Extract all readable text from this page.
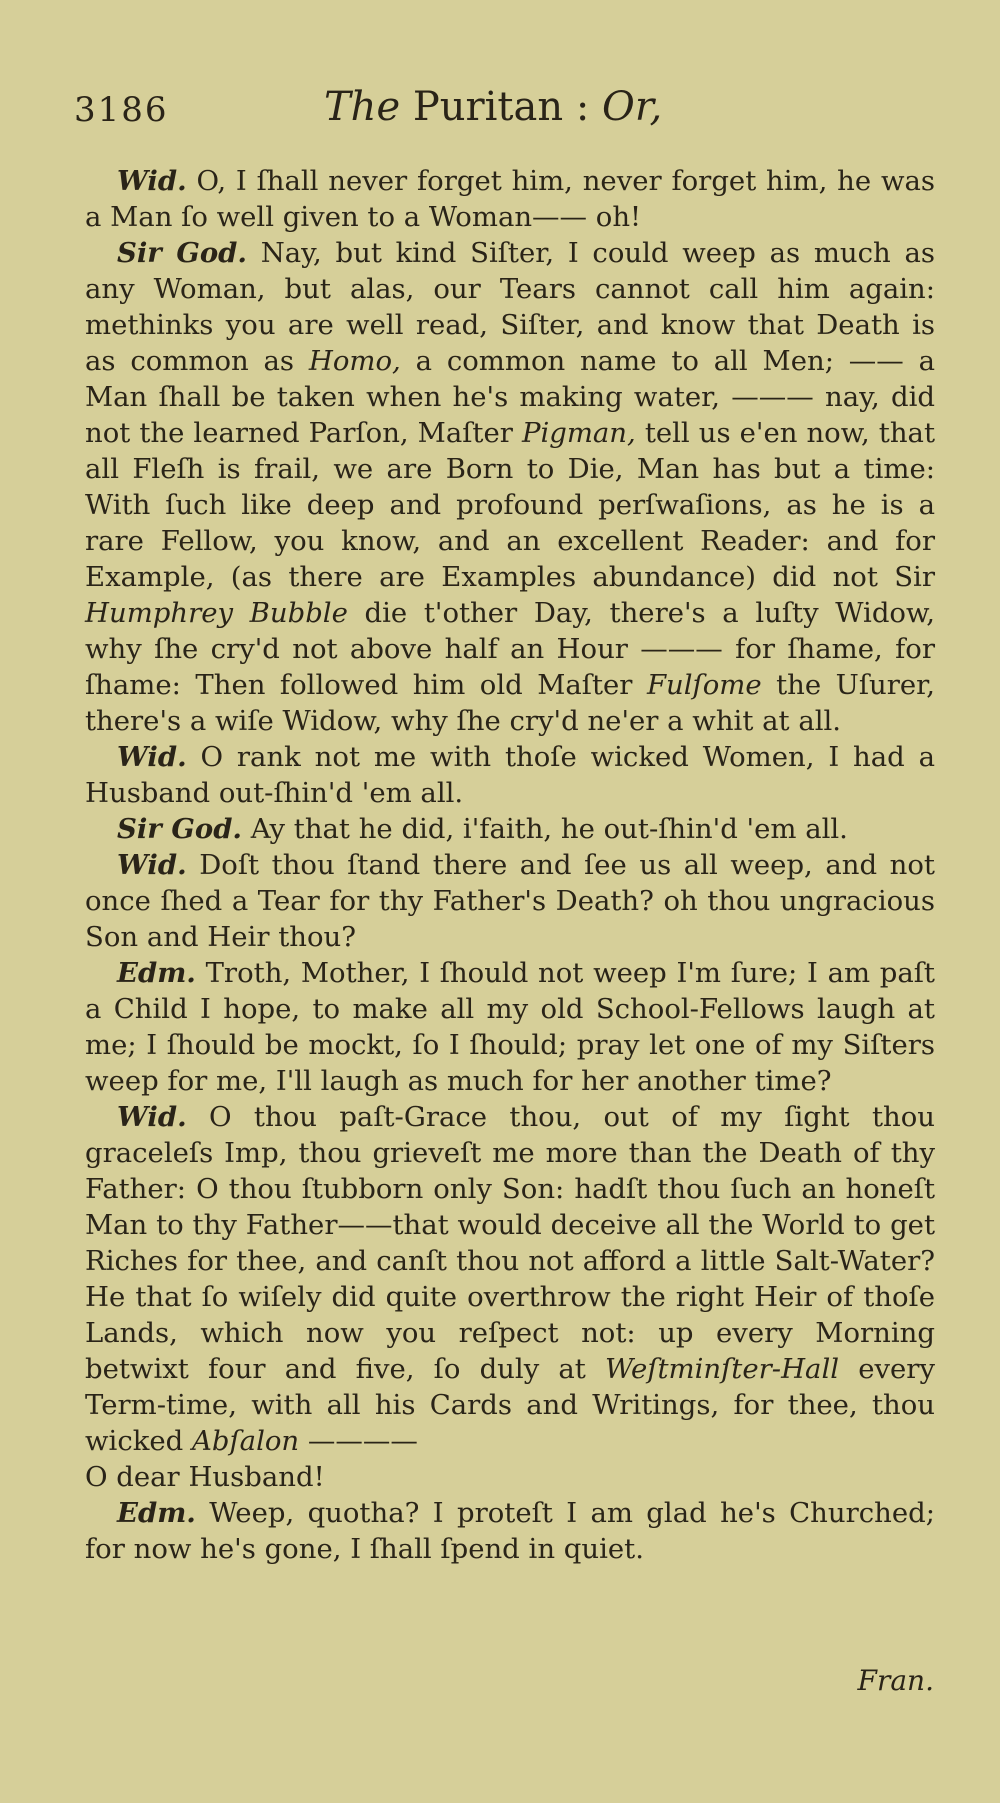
3186	The Puritan : Or,

Wid. O, I ſhall never forget him, never forget him, he was a Man ſo well given to a Woman—— oh!

Sir God. Nay, but kind Siſter, I could weep as much as any Woman, but alas, our Tears cannot call him again: methinks you are well read, Siſter, and know that Death is as common as Homo, a common name to all Men; —— a Man ſhall be taken when he's making water, ——— nay, did not the learned Parſon, Maſter Pigman, tell us e'en now, that all Fleſh is frail, we are Born to Die, Man has but a time: With ſuch like deep and profound perſwaſions, as he is a rare Fellow, you know, and an excellent Reader: and for Example, (as there are Examples abundance) did not Sir Humphrey Bubble die t'other Day, there's a luſty Widow, why ſhe cry'd not above half an Hour ——— for ſhame, for ſhame: Then followed him old Maſter Fulſome the Uſurer, there's a wiſe Widow, why ſhe cry'd ne'er a whit at all.

Wid. O rank not me with thoſe wicked Women, I had a Husband out-ſhin'd 'em all.

Sir God. Ay that he did, i'faith, he out-ſhin'd 'em all.

Wid. Doſt thou ſtand there and ſee us all weep, and not once ſhed a Tear for thy Father's Death? oh thou ungracious Son and Heir thou?

Edm. Troth, Mother, I ſhould not weep I'm ſure; I am paſt a Child I hope, to make all my old School-Fellows laugh at me; I ſhould be mockt, ſo I ſhould; pray let one of my Siſters weep for me, I'll laugh as much for her another time?

Wid. O thou paſt-Grace thou, out of my ſight thou graceleſs Imp, thou grieveſt me more than the Death of thy Father: O thou ſtubborn only Son: hadſt thou ſuch an honeſt Man to thy Father——that would deceive all the World to get Riches for thee, and canſt thou not afford a little Salt-Water? He that ſo wiſely did quite overthrow the right Heir of thoſe Lands, which now you reſpect not: up every Morning betwixt four and five, ſo duly at Weſtminſter-Hall every Term-time, with all his Cards and Writings, for thee, thou wicked Abſalon ————
O dear Husband!

Edm. Weep, quotha? I proteſt I am glad he's Churched; for now he's gone, I ſhall ſpend in quiet.

Fran.
